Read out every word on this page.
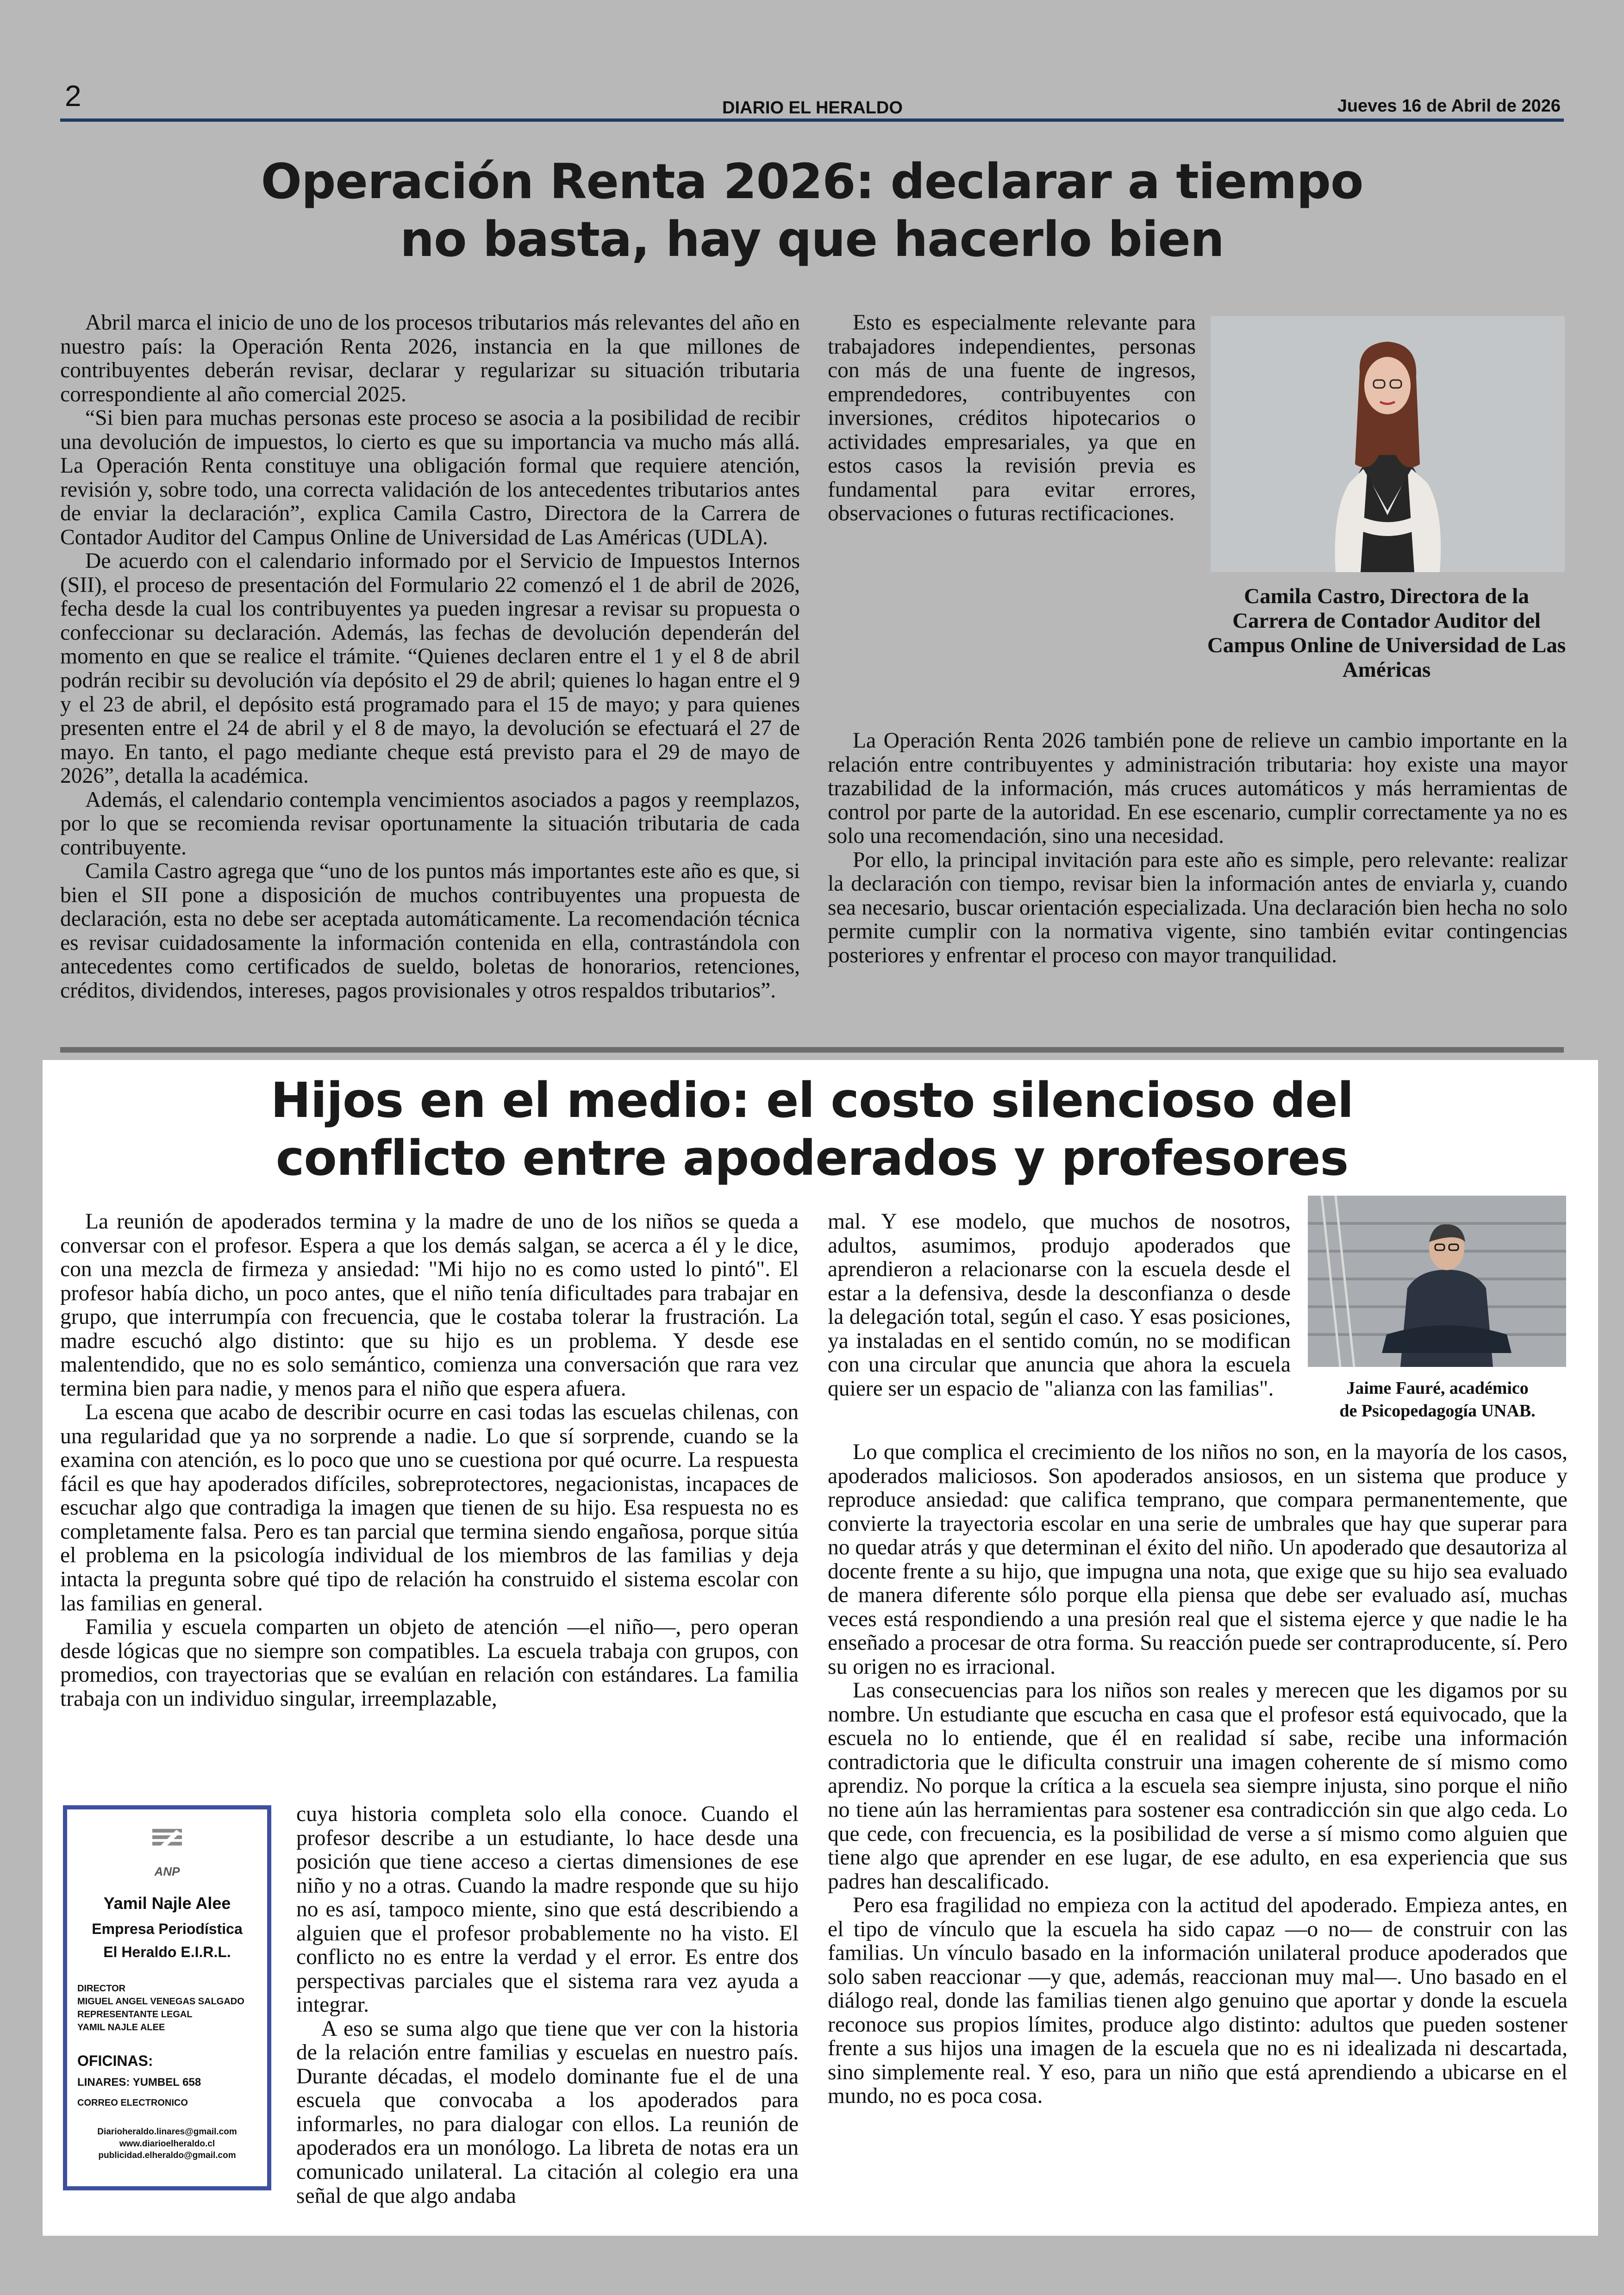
2	DIARIO EL HERALDO	Jueves 16 de Abril de 2026
Operación Renta 2026: declarar a tiempo
no basta, hay que hacerlo bien

Abril marca el inicio de uno de los procesos tributarios más relevantes del año en nuestro país: la Operación Renta 2026, instancia en la que millones de contribuyentes deberán revisar, declarar y regularizar su situación tributaria correspondiente al año comercial 2025.

“Si bien para muchas personas este proceso se asocia a la posibilidad de recibir una devolución de impuestos, lo cierto es que su importancia va mucho más allá. La Operación Renta constituye una obligación formal que requiere atención, revisión y, sobre todo, una correcta validación de los antecedentes tributarios antes de enviar la declaración”, explica Camila Castro, Directora de la Carrera de Contador Auditor del Campus Online de Universidad de Las Américas (UDLA).

De acuerdo con el calendario informado por el Servicio de Impuestos Internos (SII), el proceso de presentación del Formulario 22 comenzó el 1 de abril de 2026, fecha desde la cual los contribuyentes ya pueden ingresar a revisar su propuesta o confeccionar su declaración. Además, las fechas de devolución dependerán del momento en que se realice el trámite. “Quienes declaren entre el 1 y el 8 de abril podrán recibir su devolución vía depósito el 29 de abril; quienes lo hagan entre el 9 y el 23 de abril, el depósito está programado para el 15 de mayo; y para quienes presenten entre el 24 de abril y el 8 de mayo, la devolución se efectuará el 27 de mayo. En tanto, el pago mediante cheque está previsto para el 29 de mayo de 2026”, detalla la académica.

Además, el calendario contempla vencimientos asociados a pagos y reemplazos, por lo que se recomienda revisar oportunamente la situación tributaria de cada contribuyente.

Camila Castro agrega que “uno de los puntos más importantes este año es que, si bien el SII pone a disposición de muchos contribuyentes una propuesta de declaración, esta no debe ser aceptada automáticamente. La recomendación técnica es revisar cuidadosamente la información contenida en ella, contrastándola con antecedentes como certificados de sueldo, boletas de honorarios, retenciones, créditos, dividendos, intereses, pagos provisionales y otros respaldos tributarios”.

Esto es especialmente relevante para trabajadores independientes, personas con más de una fuente de ingresos, emprendedores, contribuyentes con inversiones, créditos hipotecarios o actividades empresariales, ya que en estos casos la revisión previa es fundamental para evitar errores, observaciones o futuras rectificaciones.

La Operación Renta 2026 también pone de relieve un cambio importante en la relación entre contribuyentes y administración tributaria: hoy existe una mayor trazabilidad de la información, más cruces automáticos y más herramientas de control por parte de la autoridad. En ese escenario, cumplir correctamente ya no es solo una recomendación, sino una necesidad.

Por ello, la principal invitación para este año es simple, pero relevante: realizar la declaración con tiempo, revisar bien la información antes de enviarla y, cuando sea necesario, buscar orientación especializada. Una declaración bien hecha no solo permite cumplir con la normativa vigente, sino también evitar contingencias posteriores y enfrentar el proceso con mayor tranquilidad.

Camila Castro, Directora de la Carrera de Contador Auditor del Campus Online de Universidad de Las Américas
Hijos en el medio: el costo silencioso del
conflicto entre apoderados y profesores

La reunión de apoderados termina y la madre de uno de los niños se queda a conversar con el profesor. Espera a que los demás salgan, se acerca a él y le dice, con una mezcla de firmeza y ansiedad: "Mi hijo no es como usted lo pintó". El profesor había dicho, un poco antes, que el niño tenía dificultades para trabajar en grupo, que interrumpía con frecuencia, que le costaba tolerar la frustración. La madre escuchó algo distinto: que su hijo es un problema. Y desde ese malentendido, que no es solo semántico, comienza una conversación que rara vez termina bien para nadie, y menos para el niño que espera afuera.

La escena que acabo de describir ocurre en casi todas las escuelas chilenas, con una regularidad que ya no sorprende a nadie. Lo que sí sorprende, cuando se la examina con atención, es lo poco que uno se cuestiona por qué ocurre. La respuesta fácil es que hay apoderados difíciles, sobreprotectores, negacionistas, incapaces de escuchar algo que contradiga la imagen que tienen de su hijo. Esa respuesta no es completamente falsa. Pero es tan parcial que termina siendo engañosa, porque sitúa el problema en la psicología individual de los miembros de las familias y deja intacta la pregunta sobre qué tipo de relación ha construido el sistema escolar con las familias en general.

Familia y escuela comparten un objeto de atención —el niño—, pero operan desde lógicas que no siempre son compatibles. La escuela trabaja con grupos, con promedios, con trayectorias que se evalúan en relación con estándares. La familia trabaja con un individuo singular, irreemplazable,

cuya historia completa solo ella conoce. Cuando el profesor describe a un estudiante, lo hace desde una posición que tiene acceso a ciertas dimensiones de ese niño y no a otras. Cuando la madre responde que su hijo no es así, tampoco miente, sino que está describiendo a alguien que el profesor probablemente no ha visto. El conflicto no es entre la verdad y el error. Es entre dos perspectivas parciales que el sistema rara vez ayuda a integrar.

A eso se suma algo que tiene que ver con la historia de la relación entre familias y escuelas en nuestro país. Durante décadas, el modelo dominante fue el de una escuela que convocaba a los apoderados para informarles, no para dialogar con ellos. La reunión de apoderados era un monólogo. La libreta de notas era un comunicado unilateral. La citación al colegio era una señal de que algo andaba

mal. Y ese modelo, que muchos de nosotros, adultos, asumimos, produjo apoderados que aprendieron a relacionarse con la escuela desde el estar a la defensiva, desde la desconfianza o desde la delegación total, según el caso. Y esas posiciones, ya instaladas en el sentido común, no se modifican con una circular que anuncia que ahora la escuela quiere ser un espacio de "alianza con las familias".

Lo que complica el crecimiento de los niños no son, en la mayoría de los casos, apoderados maliciosos. Son apoderados ansiosos, en un sistema que produce y reproduce ansiedad: que califica temprano, que compara permanentemente, que convierte la trayectoria escolar en una serie de umbrales que hay que superar para no quedar atrás y que determinan el éxito del niño. Un apoderado que desautoriza al docente frente a su hijo, que impugna una nota, que exige que su hijo sea evaluado de manera diferente sólo porque ella piensa que debe ser evaluado así, muchas veces está respondiendo a una presión real que el sistema ejerce y que nadie le ha enseñado a procesar de otra forma. Su reacción puede ser contraproducente, sí. Pero su origen no es irracional.

Las consecuencias para los niños son reales y merecen que les digamos por su nombre. Un estudiante que escucha en casa que el profesor está equivocado, que la escuela no lo entiende, que él en realidad sí sabe, recibe una información contradictoria que le dificulta construir una imagen coherente de sí mismo como aprendiz. No porque la crítica a la escuela sea siempre injusta, sino porque el niño no tiene aún las herramientas para sostener esa contradicción sin que algo ceda. Lo que cede, con frecuencia, es la posibilidad de verse a sí mismo como alguien que tiene algo que aprender en ese lugar, de ese adulto, en esa experiencia que sus padres han descalificado.

Pero esa fragilidad no empieza con la actitud del apoderado. Empieza antes, en el tipo de vínculo que la escuela ha sido capaz —o no— de construir con las familias. Un vínculo basado en la información unilateral produce apoderados que solo saben reaccionar —y que, además, reaccionan muy mal—. Uno basado en el diálogo real, donde las familias tienen algo genuino que aportar y donde la escuela reconoce sus propios límites, produce algo distinto: adultos que pueden sostener frente a sus hijos una imagen de la escuela que no es ni idealizada ni descartada, sino simplemente real. Y eso, para un niño que está aprendiendo a ubicarse en el mundo, no es poca cosa.

Jaime Fauré, académico
de Psicopedagogía UNAB.
ANP
Yamil Najle Alee
Empresa Periodística
El Heraldo E.I.R.L.
DIRECTOR
MIGUEL ANGEL VENEGAS SALGADO
REPRESENTANTE LEGAL
YAMIL NAJLE ALEE
OFICINAS:
LINARES: YUMBEL 658
CORREO ELECTRONICO
Diarioheraldo.linares@gmail.com
www.diarioelheraldo.cl
publicidad.elheraldo@gmail.com
